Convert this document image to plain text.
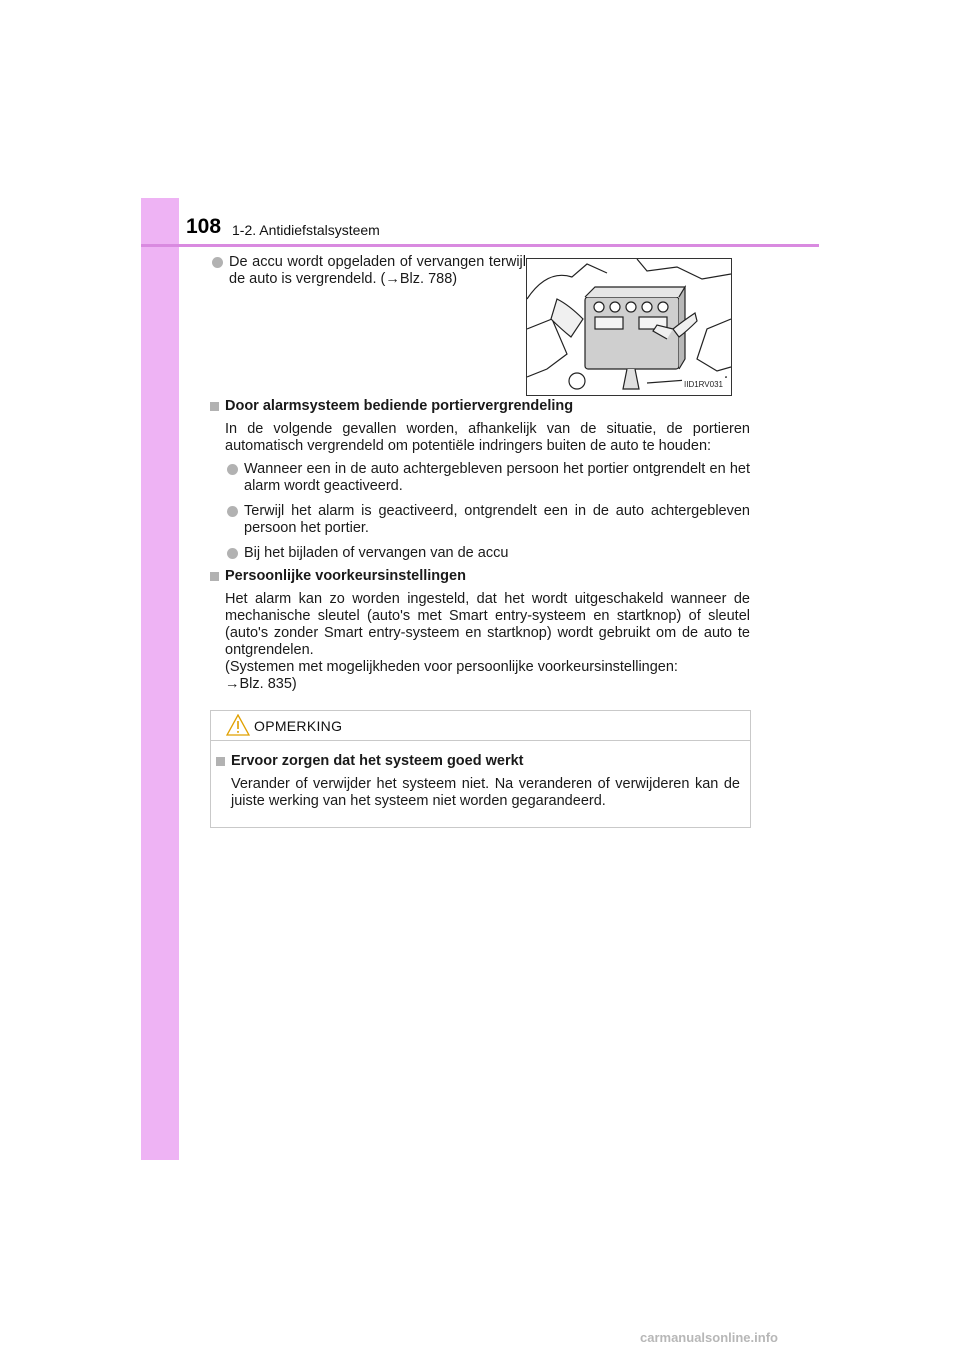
108 1-2. Antidiefstalsysteem
De accu wordt opgeladen of vervangen terwijl de auto is vergrendeld. (→Blz. 788)
IID1RV031
Door alarmsysteem bediende portiervergrendeling
In de volgende gevallen worden, afhankelijk van de situatie, de portieren automatisch vergrendeld om potentiële indringers buiten de auto te houden:
Wanneer een in de auto achtergebleven persoon het portier ontgrendelt en het alarm wordt geactiveerd.
Terwijl het alarm is geactiveerd, ontgrendelt een in de auto achtergebleven persoon het portier.
Bij het bijladen of vervangen van de accu
Persoonlijke voorkeursinstellingen
Het alarm kan zo worden ingesteld, dat het wordt uitgeschakeld wanneer de mechanische sleutel (auto's met Smart entry-systeem en startknop) of sleutel (auto's zonder Smart entry-systeem en startknop) wordt gebruikt om de auto te ontgrendelen.
(Systemen met mogelijkheden voor persoonlijke voorkeursinstellingen:
→Blz. 835)
OPMERKING
Ervoor zorgen dat het systeem goed werkt
Verander of verwijder het systeem niet. Na veranderen of verwijderen kan de juiste werking van het systeem niet worden gegarandeerd.
carmanualsonline.info
